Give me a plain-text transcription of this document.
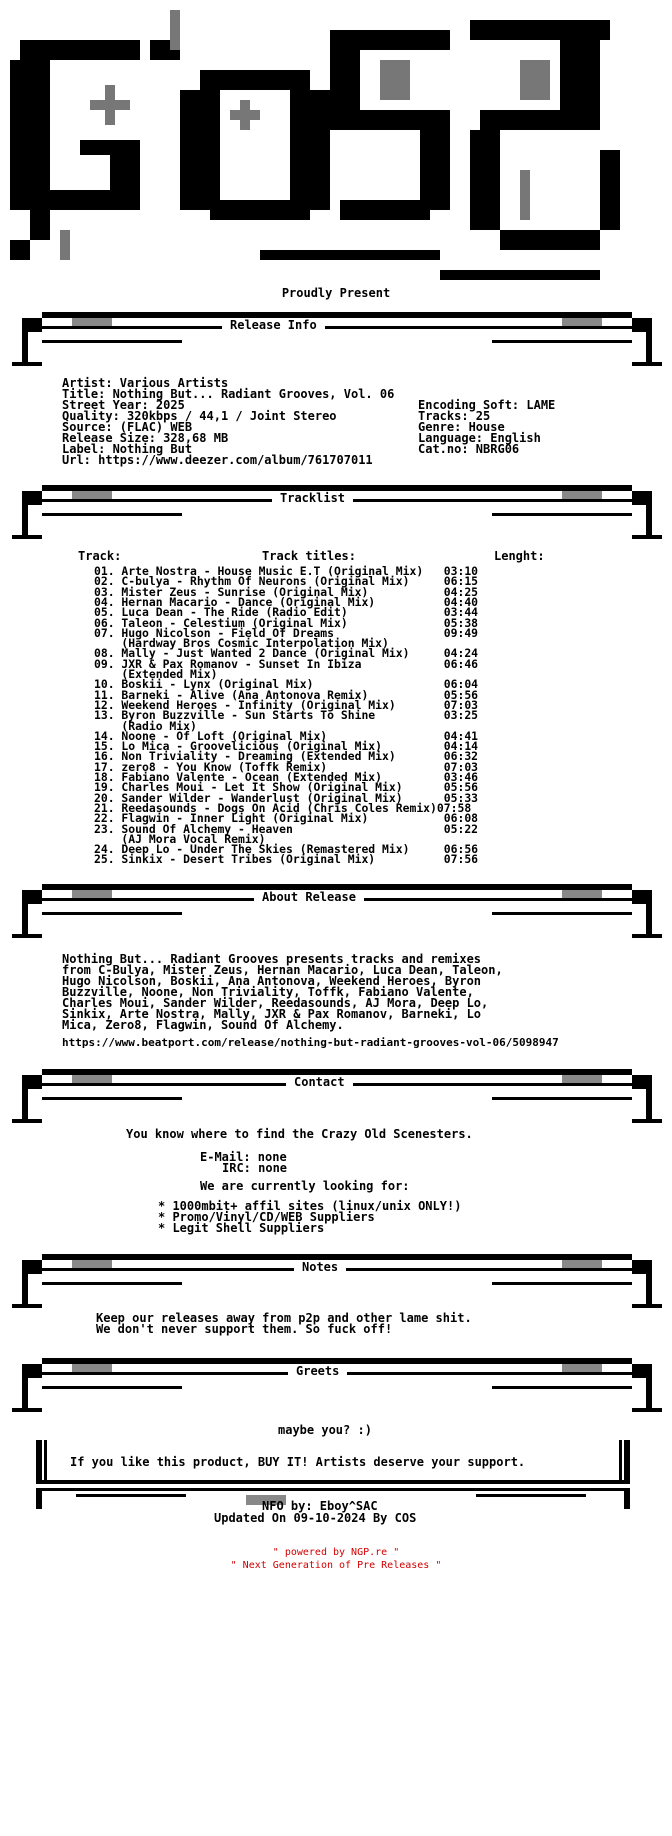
Proudly Present
Release Info
Artist: Various Artists
Title: Nothing But... Radiant Grooves, Vol. 06
Street Year: 2025
Quality: 320kbps / 44,1 / Joint Stereo
Source: (FLAC) WEB
Release Size: 328,68 MB
Label: Nothing But
Url: https://www.deezer.com/album/761707011
Encoding Soft: LAME
Tracks: 25
Genre: House
Language: English
Cat.no: NBRG06
Tracklist
Track:	Track titles:	Lenght:
01. Arte Nostra - House Music E.T (Original Mix)   03:10
02. C-bulya - Rhythm Of Neurons (Original Mix)     06:15
03. Mister Zeus - Sunrise (Original Mix)           04:25
04. Hernan Macario - Dance (Original Mix)          04:40
05. Luca Dean - The Ride (Radio Edit)              03:44
06. Taleon - Celestium (Original Mix)              05:38
07. Hugo Nicolson - Field Of Dreams                09:49
(Hardway Bros Cosmic Interpolation Mix)
08. Mally - Just Wanted 2 Dance (Original Mix)     04:24
09. JXR & Pax Romanov - Sunset In Ibiza            06:46
(Extended Mix)
10. Boskii - Lynx (Original Mix)                   06:04
11. Barneki - Alive (Ana Antonova Remix)           05:56
12. Weekend Heroes - Infinity (Original Mix)       07:03
13. Byron Buzzville - Sun Starts To Shine          03:25
(Radio Mix)
14. Noone - Of Loft (Original Mix)                 04:41
15. Lo Mica - Groovelicious (Original Mix)         04:14
16. Non Triviality - Dreaming (Extended Mix)       06:32
17. zero8 - You Know (Toffk Remix)                 07:03
18. Fabiano Valente - Ocean (Extended Mix)         03:46
19. Charles Moui - Let It Show (Original Mix)      05:56
20. Sander Wilder - Wanderlust (Original Mix)      05:33
21. Reedasounds - Dogs On Acid (Chris Coles Remix)07:58
22. Flagwin - Inner Light (Original Mix)           06:08
23. Sound Of Alchemy - Heaven                      05:22
(AJ Mora Vocal Remix)
24. Deep Lo - Under The Skies (Remastered Mix)     06:56
25. Sinkix - Desert Tribes (Original Mix)          07:56
About Release
Nothing But... Radiant Grooves presents tracks and remixes
from C-Bulya, Mister Zeus, Hernan Macario, Luca Dean, Taleon,
Hugo Nicolson, Boskii, Ana Antonova, Weekend Heroes, Byron
Buzzville, Noone, Non Triviality, Toffk, Fabiano Valente,
Charles Moui, Sander Wilder, Reedasounds, AJ Mora, Deep Lo,
Sinkix, Arte Nostra, Mally, JXR & Pax Romanov, Barneki, Lo
Mica, Zero8, Flagwin, Sound Of Alchemy.
https://www.beatport.com/release/nothing-but-radiant-grooves-vol-06/5098947
Contact
You know where to find the Crazy Old Scenesters.
E-Mail: none
IRC: none
We are currently looking for:
* 1000mbit+ affil sites (linux/unix ONLY!)
* Promo/Vinyl/CD/WEB Suppliers
* Legit Shell Suppliers
Notes
Keep our releases away from p2p and other lame shit.
We don't never support them. So fuck off!
Greets
maybe you? :)
If you like this product, BUY IT! Artists deserve your support.
NFO by: Eboy^SAC
Updated On 09-10-2024 By COS
" powered by NGP.re "
" Next Generation of Pre Releases "
